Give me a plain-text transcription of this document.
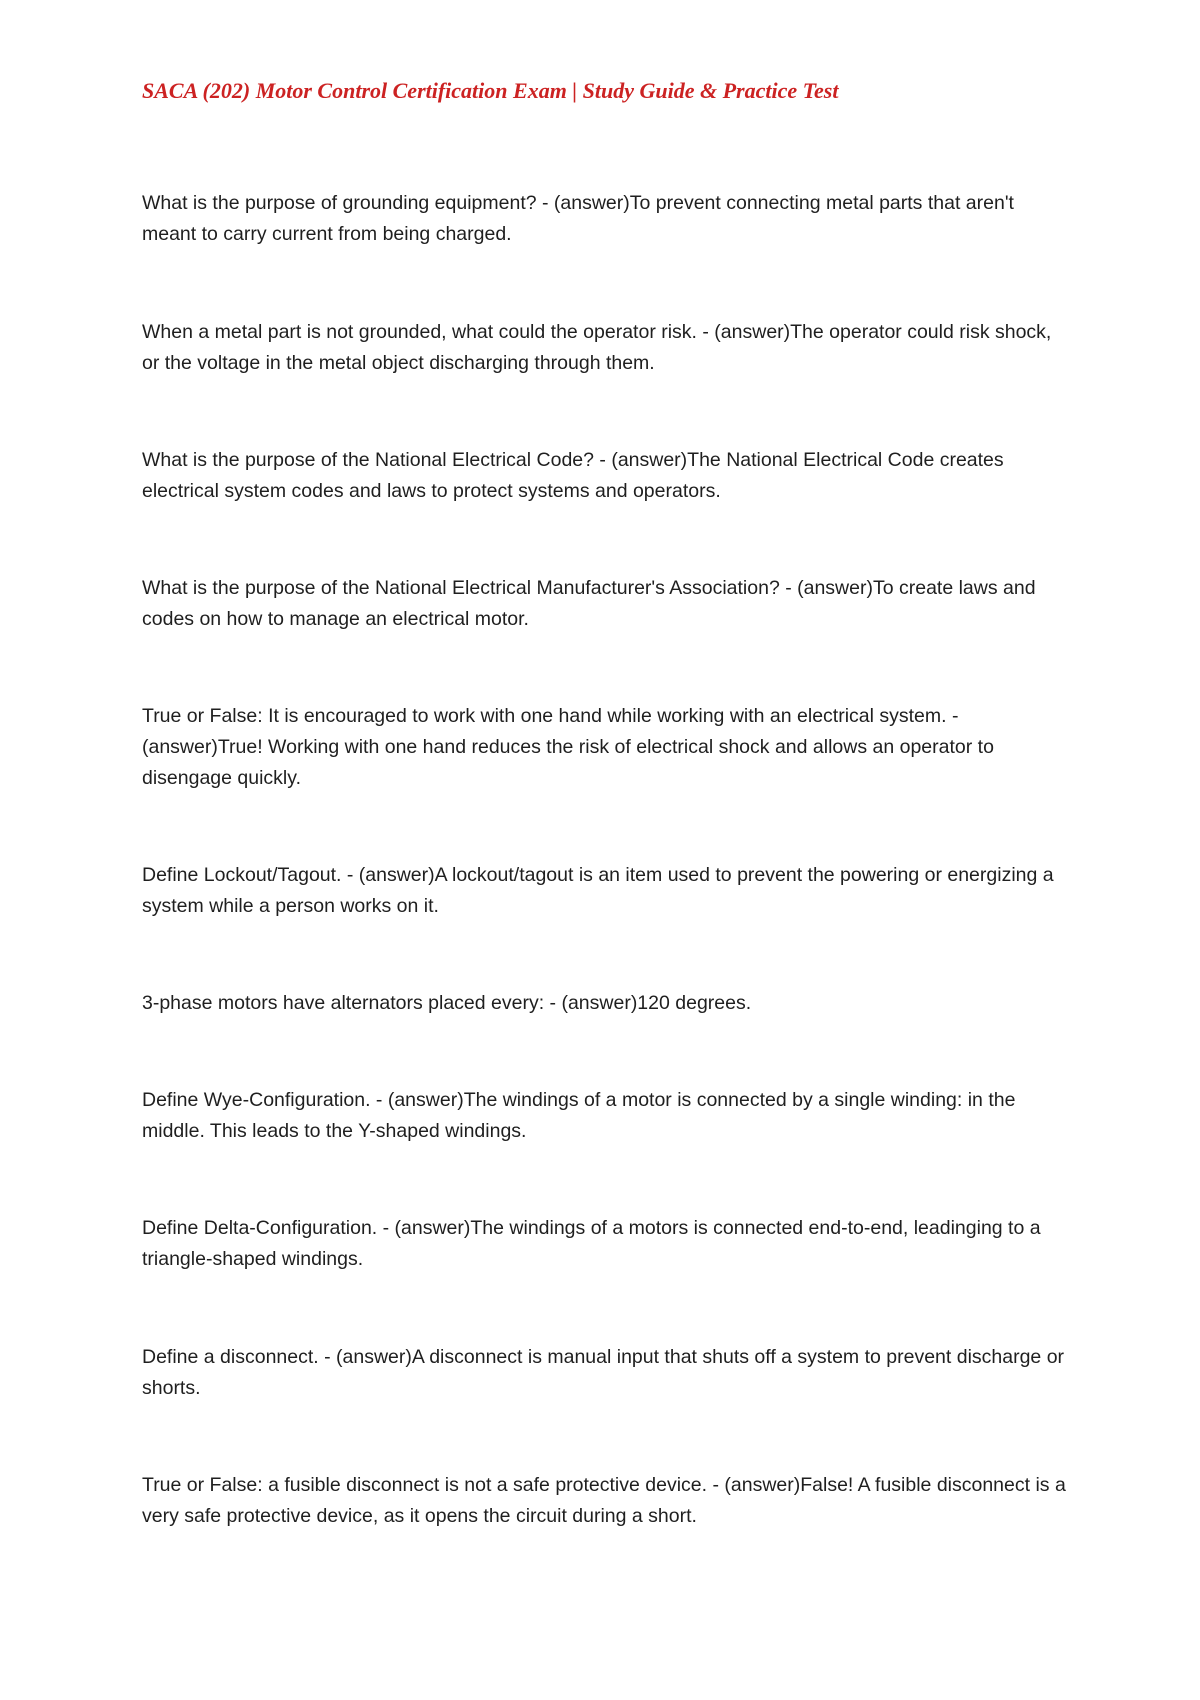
SACA (202) Motor Control Certification Exam | Study Guide & Practice Test

What is the purpose of grounding equipment? - (answer)To prevent connecting metal parts that aren't meant to carry current from being charged.

When a metal part is not grounded, what could the operator risk. - (answer)The operator could risk shock, or the voltage in the metal object discharging through them.

What is the purpose of the National Electrical Code? - (answer)The National Electrical Code creates electrical system codes and laws to protect systems and operators.

What is the purpose of the National Electrical Manufacturer's Association? - (answer)To create laws and codes on how to manage an electrical motor.

True or False: It is encouraged to work with one hand while working with an electrical system. - (answer)True! Working with one hand reduces the risk of electrical shock and allows an operator to disengage quickly.

Define Lockout/Tagout. - (answer)A lockout/tagout is an item used to prevent the powering or energizing a system while a person works on it.

3-phase motors have alternators placed every: - (answer)120 degrees.

Define Wye-Configuration. - (answer)The windings of a motor is connected by a single winding: in the middle. This leads to the Y-shaped windings.

Define Delta-Configuration. - (answer)The windings of a motors is connected end-to-end, leadinging to a triangle-shaped windings.

Define a disconnect. - (answer)A disconnect is manual input that shuts off a system to prevent discharge or shorts.

True or False: a fusible disconnect is not a safe protective device. - (answer)False! A fusible disconnect is a very safe protective device, as it opens the circuit during a short.
